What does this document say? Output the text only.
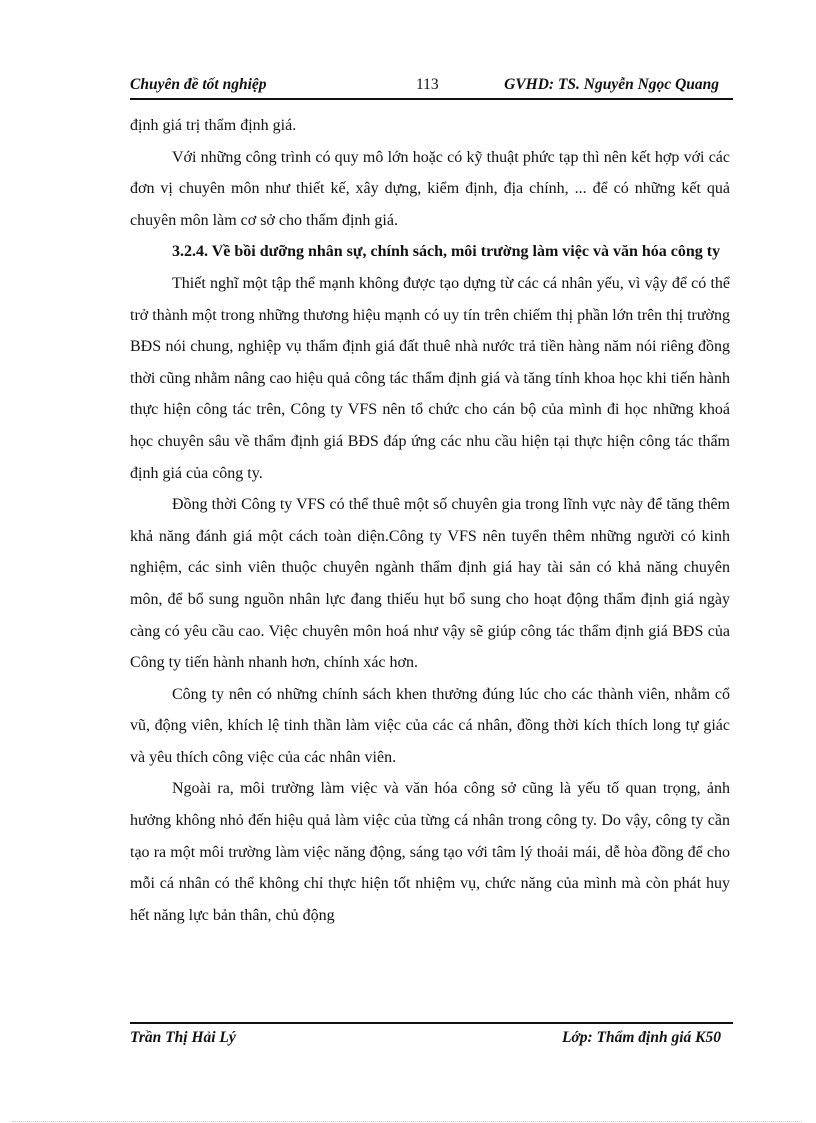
Chuyên đề tốt nghiệp	113	GVHD: TS. Nguyễn Ngọc Quang

định giá trị thẩm định giá.

Với những công trình có quy mô lớn hoặc có kỹ thuật phức tạp thì nên kết hợp với các đơn vị chuyên môn như thiết kế, xây dựng, kiểm định, địa chính, ... để có những kết quả chuyên môn làm cơ sở cho thẩm định giá.

3.2.4. Về bồi dưỡng nhân sự, chính sách, môi trường làm việc và văn hóa công ty

Thiết nghĩ một tập thể mạnh không được tạo dựng từ các cá nhân yếu, vì vậy để có thể trở thành một trong những thương hiệu mạnh có uy tín trên chiếm thị phần lớn trên thị trường BĐS nói chung, nghiệp vụ thẩm định giá đất thuê nhà nước trả tiền hàng năm nói riêng đồng thời cũng nhằm nâng cao hiệu quả công tác thẩm định giá và tăng tính khoa học khi tiến hành thực hiện công tác trên, Công ty VFS nên tổ chức cho cán bộ của mình đi học những khoá học chuyên sâu về thẩm định giá BĐS đáp ứng các nhu cầu hiện tại thực hiện công tác thẩm định giá của công ty.

Đồng thời Công ty VFS có thể thuê một số chuyên gia trong lĩnh vực này để tăng thêm khả năng đánh giá một cách toàn diện.Công ty VFS nên tuyển thêm những người có kinh nghiệm, các sinh viên thuộc chuyên ngành thẩm định giá hay tài sản có khả năng chuyên môn, để bổ sung nguồn nhân lực đang thiếu hụt bổ sung cho hoạt động thẩm định giá ngày càng có yêu cầu cao. Việc chuyên môn hoá như vậy sẽ giúp công tác thẩm định giá BĐS của Công ty tiến hành nhanh hơn, chính xác hơn.

Công ty nên có những chính sách khen thưởng đúng lúc cho các thành viên, nhằm cổ vũ, động viên, khích lệ tinh thần làm việc của các cá nhân, đồng thời kích thích long tự giác và yêu thích công việc của các nhân viên.

Ngoài ra, môi trường làm việc và văn hóa công sở cũng là yếu tố quan trọng, ảnh hưởng không nhỏ đến hiệu quả làm việc của từng cá nhân trong công ty. Do vậy, công ty cần tạo ra một môi trường làm việc năng động, sáng tạo với tâm lý thoải mái, dễ hòa đồng để cho mỗi cá nhân có thể không chỉ thực hiện tốt nhiệm vụ, chức năng của mình mà còn phát huy hết năng lực bản thân, chủ động

Trần Thị Hải Lý	Lớp: Thẩm định giá K50
